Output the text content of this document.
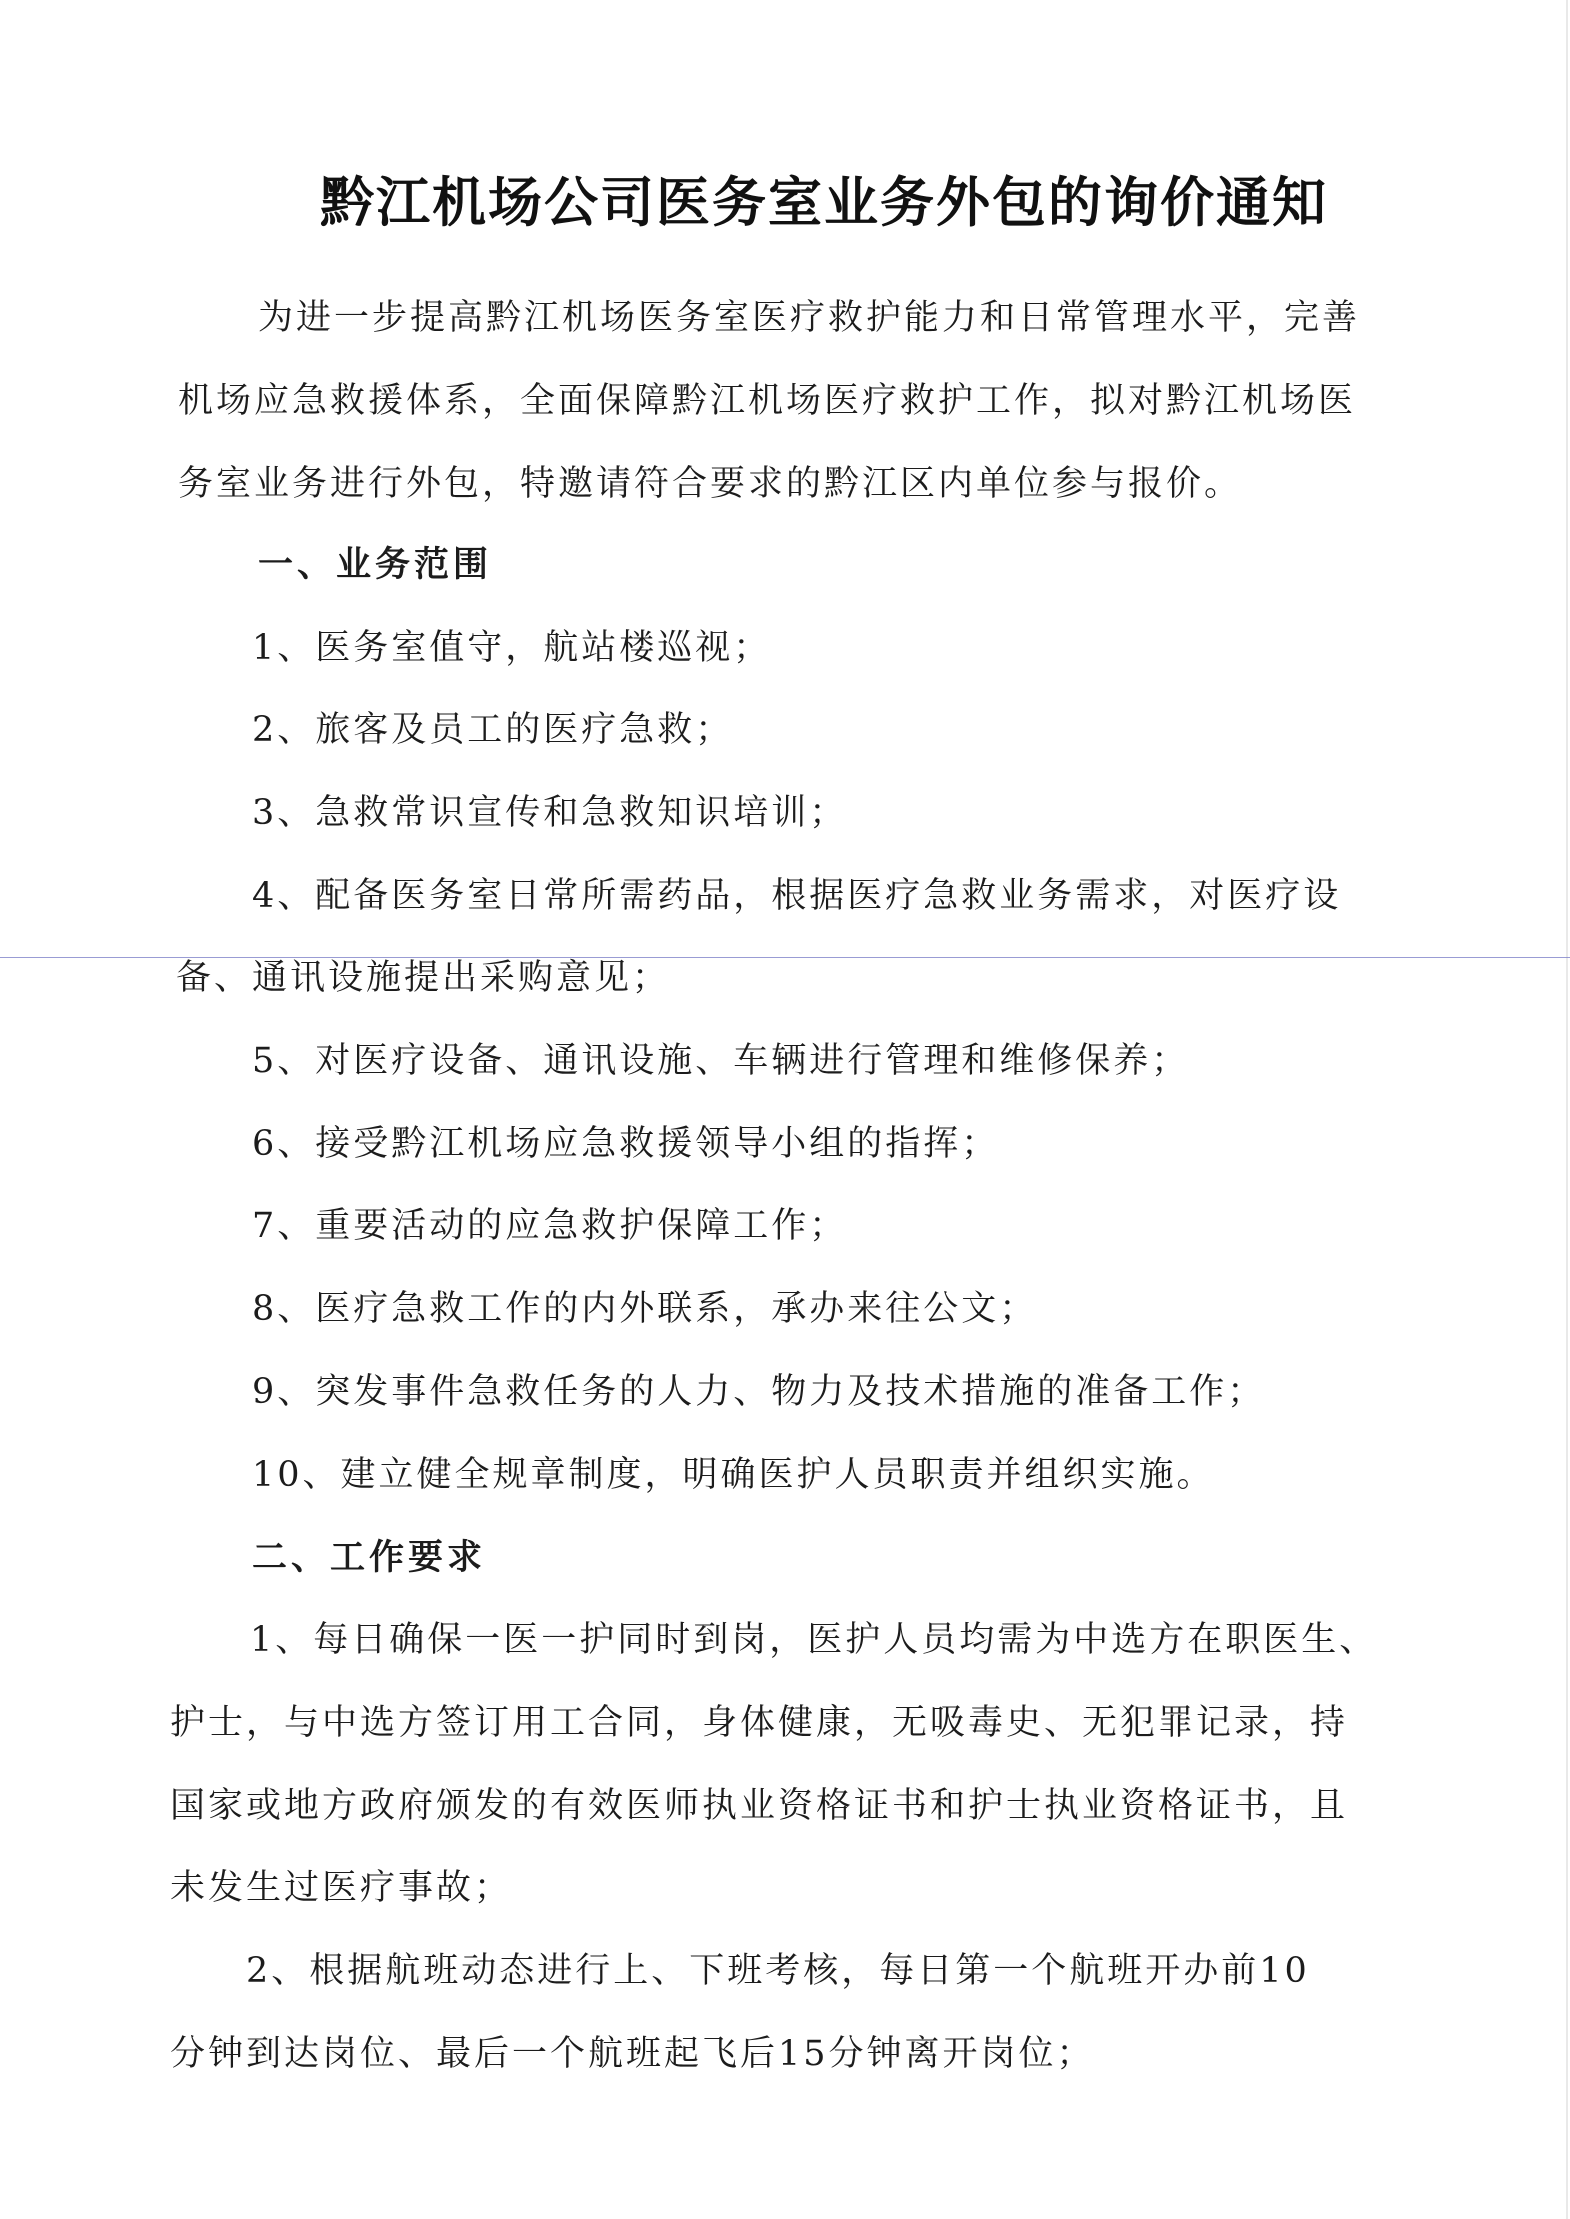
黔江机场公司医务室业务外包的询价通知
为进一步提高黔江机场医务室医疗救护能力和日常管理水平，完善
机场应急救援体系，全面保障黔江机场医疗救护工作，拟对黔江机场医
务室业务进行外包，特邀请符合要求的黔江区内单位参与报价。
一、业务范围
1、医务室值守，航站楼巡视；
2、旅客及员工的医疗急救；
3、急救常识宣传和急救知识培训；
4、配备医务室日常所需药品，根据医疗急救业务需求，对医疗设
备、通讯设施提出采购意见；
5、对医疗设备、通讯设施、车辆进行管理和维修保养；
6、接受黔江机场应急救援领导小组的指挥；
7、重要活动的应急救护保障工作；
8、医疗急救工作的内外联系，承办来往公文；
9、突发事件急救任务的人力、物力及技术措施的准备工作；
10、建立健全规章制度，明确医护人员职责并组织实施。
二、工作要求
1、每日确保一医一护同时到岗，医护人员均需为中选方在职医生、
护士，与中选方签订用工合同，身体健康，无吸毒史、无犯罪记录，持
国家或地方政府颁发的有效医师执业资格证书和护士执业资格证书，且
未发生过医疗事故；
2、根据航班动态进行上、下班考核，每日第一个航班开办前10
分钟到达岗位、最后一个航班起飞后15分钟离开岗位；
